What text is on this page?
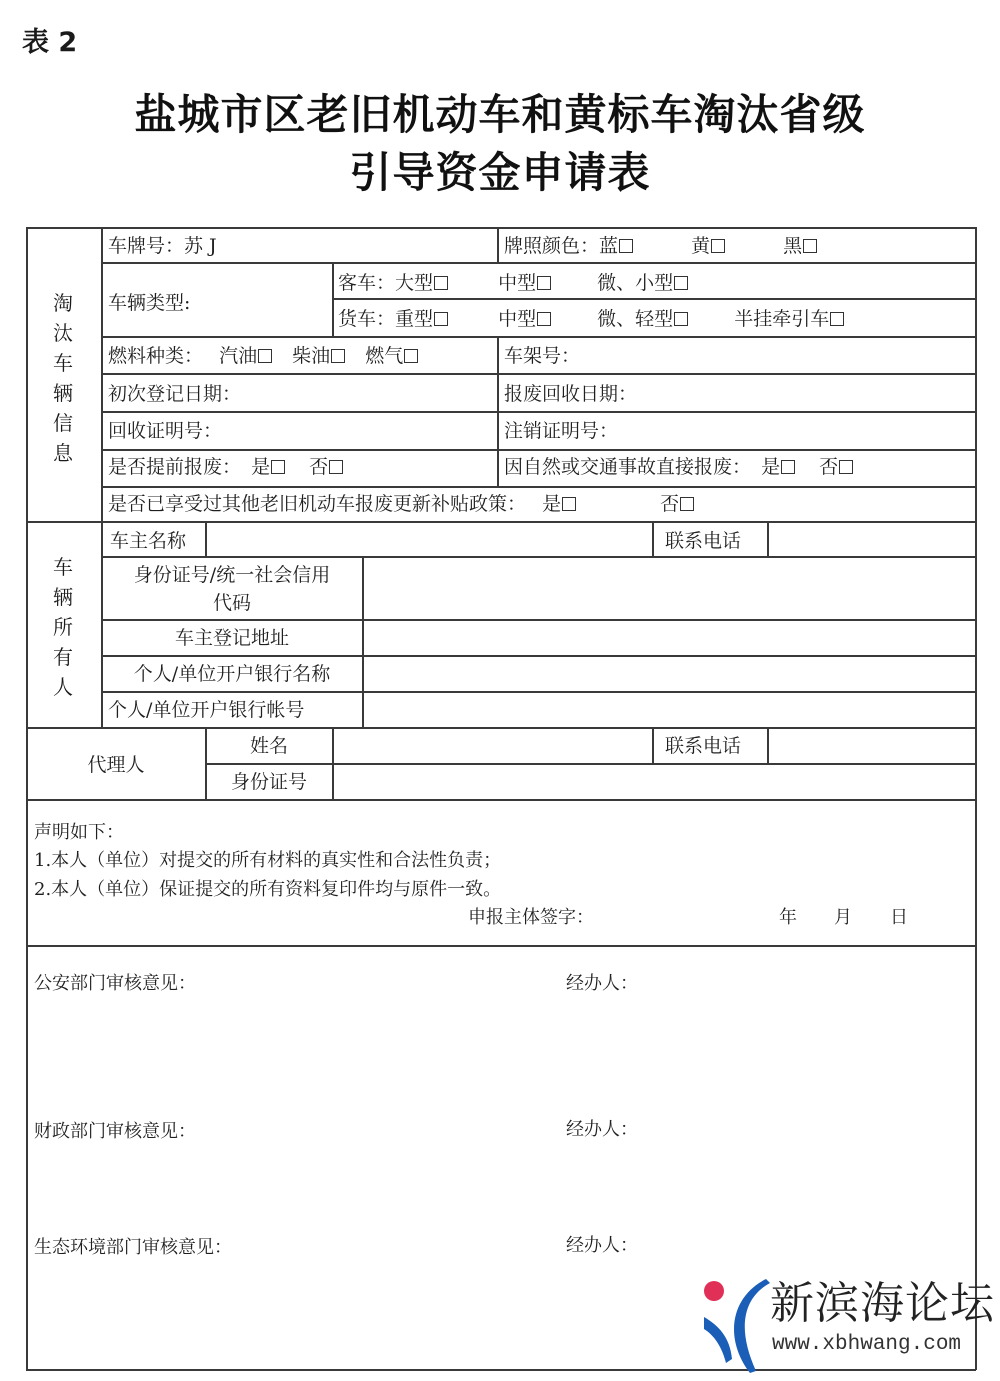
表 2
盐城市区老旧机动车和黄标车淘汰省级
引导资金申请表
淘
汰
车
辆
信
息
车牌号：苏 J	牌照颜色：蓝	黄	黑
车辆类型:
客车：大型	中型	微、小型
货车：重型	中型	微、轻型	半挂牵引车
燃料种类： 汽油 柴油 燃气	车架号：
初次登记日期：	报废回收日期：
回收证明号：	注销证明号：
是否提前报废： 是 否	因自然或交通事故直接报废： 是 否
是否已享受过其他老旧机动车报废更新补贴政策： 是	否
车
辆
所
有
人
车主名称	联系电话
身份证号/统一社会信用
代码
车主登记地址
个人/单位开户银行名称
个人/单位开户银行帐号
代理人
姓名	联系电话
身份证号
声明如下：
1.本人（单位）对提交的所有材料的真实性和合法性负责；
2.本人（单位）保证提交的所有资料复印件均与原件一致。
申报主体签字：	年 月 日
公安部门审核意见：	经办人：
财政部门审核意见：	经办人：
生态环境部门审核意见：	经办人：
新滨海论坛
www.xbhwang.com
